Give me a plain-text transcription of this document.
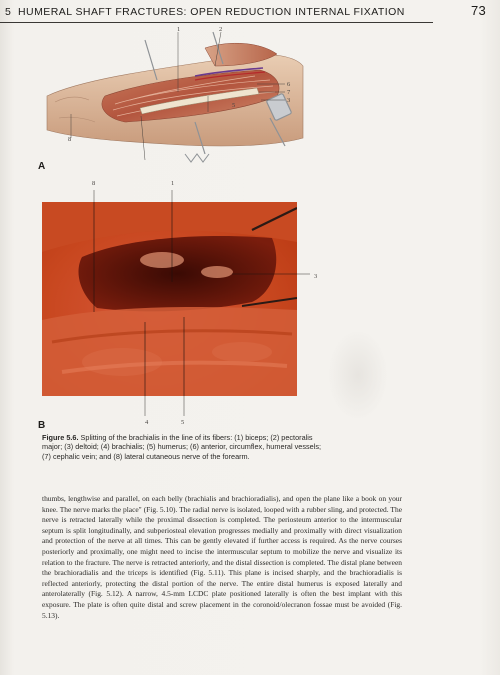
5 HUMERAL SHAFT FRACTURES: OPEN REDUCTION INTERNAL FIXATION	73
1	2
6
7
3
5
8
A
8	1
3
4	5
B
Figure 5.6. Splitting of the brachialis in the line of its fibers: (1) biceps; (2) pectoralis major; (3) deltoid; (4) brachialis; (5) humerus; (6) anterior, circumflex, humeral vessels; (7) cephalic vein; and (8) lateral cutaneous nerve of the forearm.

thumbs, lengthwise and parallel, on each belly (brachialis and brachioradialis), and open the plane like a book on your knee. The nerve marks the place" (Fig. 5.10). The radial nerve is isolated, looped with a rubber sling, and protected. The nerve is retracted laterally while the proximal dissection is completed. The periosteum anterior to the intermuscular septum is split longitudinally, and subperiosteal elevation progresses medially and proximally with direct visualization and protection of the nerve at all times. This can be gently elevated if further access is required. As the nerve courses posteriorly and proximally, one might need to incise the intermuscular septum to mobilize the nerve and visualize its relation to the fracture. The nerve is retracted anteriorly, and the distal dissection is completed. The distal plane between the brachioradialis and the triceps is identified (Fig. 5.11). This plane is incised sharply, and the brachioradialis is reflected anteriorly, protecting the distal portion of the nerve. The entire distal humerus is exposed laterally and anterolaterally (Fig. 5.12). A narrow, 4.5-mm LCDC plate positioned laterally is often the best implant with this exposure. The plate is often quite distal and screw placement in the coronoid/olecranon fossae must be avoided (Fig. 5.13).
